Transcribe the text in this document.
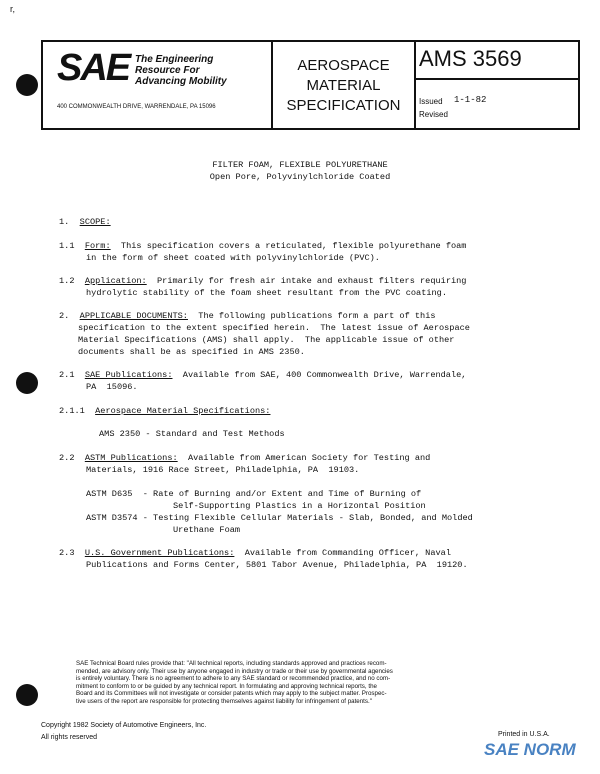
r,
SAE The Engineering
Resource For
Advancing Mobility
400 COMMONWEALTH DRIVE, WARRENDALE, PA 15096
AEROSPACE
MATERIAL
SPECIFICATION
AMS 3569
Issued 1-1-82
Revised
FILTER FOAM, FLEXIBLE POLYURETHANE
Open Pore, Polyvinylchloride Coated
1. SCOPE:
1.1 Form:  This specification covers a reticulated, flexible polyurethane foam
in the form of sheet coated with polyvinylchloride (PVC).
1.2 Application:  Primarily for fresh air intake and exhaust filters requiring
hydrolytic stability of the foam sheet resultant from the PVC coating.
2. APPLICABLE DOCUMENTS:  The following publications form a part of this
specification to the extent specified herein.  The latest issue of Aerospace
Material Specifications (AMS) shall apply.  The applicable issue of other
documents shall be as specified in AMS 2350.
2.1 SAE Publications:  Available from SAE, 400 Commonwealth Drive, Warrendale,
PA  15096.
2.1.1 Aerospace Material Specifications:
AMS 2350 - Standard and Test Methods
2.2 ASTM Publications:  Available from American Society for Testing and
Materials, 1916 Race Street, Philadelphia, PA  19103.
ASTM D635  - Rate of Burning and/or Extent and Time of Burning of
Self-Supporting Plastics in a Horizontal Position
ASTM D3574 - Testing Flexible Cellular Materials - Slab, Bonded, and Molded
Urethane Foam
2.3 U.S. Government Publications:  Available from Commanding Officer, Naval
Publications and Forms Center, 5801 Tabor Avenue, Philadelphia, PA  19120.
SAE Technical Board rules provide that: "All technical reports, including standards approved and practices recom-
mended, are advisory only. Their use by anyone engaged in industry or trade or their use by governmental agencies
is entirely voluntary. There is no agreement to adhere to any SAE standard or recommended practice, and no com-
mitment to conform to or be guided by any technical report. In formulating and approving technical reports, the
Board and its Committees will not investigate or consider patents which may apply to the subject matter. Prospec-
tive users of the report are responsible for protecting themselves against liability for infringement of patents."
Copyright 1982 Society of Automotive Engineers, Inc.
All rights reserved	Printed in U.S.A.
SAE NORM
